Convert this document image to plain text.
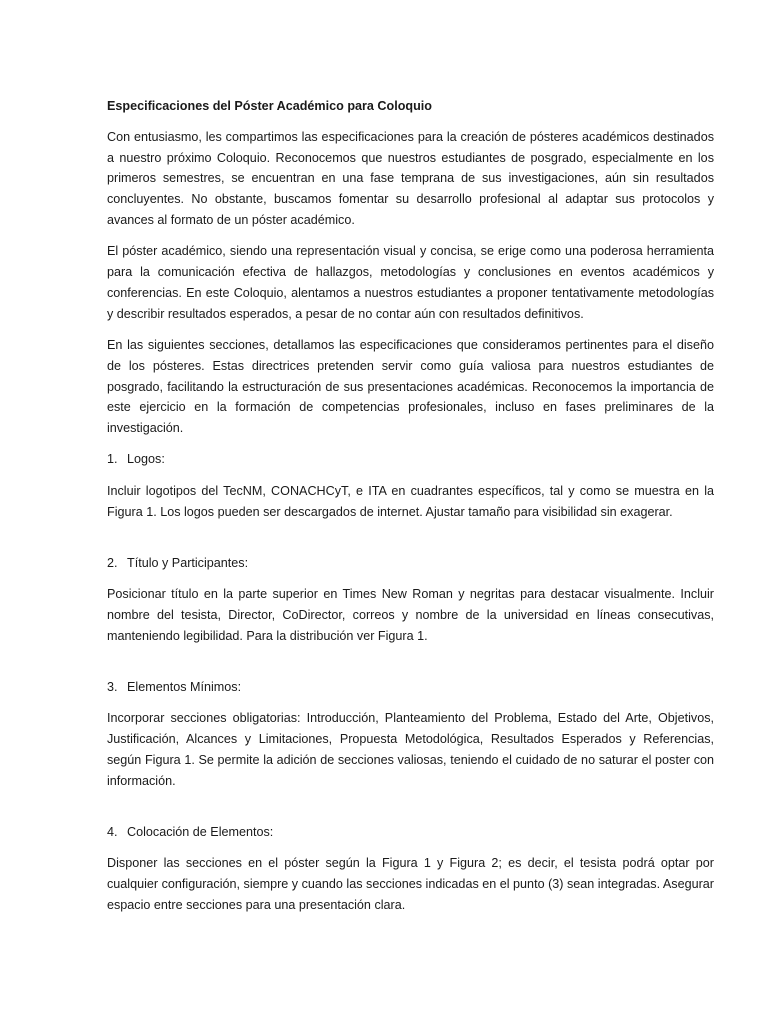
Especificaciones del Póster Académico para Coloquio

Con entusiasmo, les compartimos las especificaciones para la creación de pósteres académicos destinados a nuestro próximo Coloquio. Reconocemos que nuestros estudiantes de posgrado, especialmente en los primeros semestres, se encuentran en una fase temprana de sus investigaciones, aún sin resultados concluyentes. No obstante, buscamos fomentar su desarrollo profesional al adaptar sus protocolos y avances al formato de un póster académico.

El póster académico, siendo una representación visual y concisa, se erige como una poderosa herramienta para la comunicación efectiva de hallazgos, metodologías y conclusiones en eventos académicos y conferencias. En este Coloquio, alentamos a nuestros estudiantes a proponer tentativamente metodologías y describir resultados esperados, a pesar de no contar aún con resultados definitivos.

En las siguientes secciones, detallamos las especificaciones que consideramos pertinentes para el diseño de los pósteres. Estas directrices pretenden servir como guía valiosa para nuestros estudiantes de posgrado, facilitando la estructuración de sus presentaciones académicas. Reconocemos la importancia de este ejercicio en la formación de competencias profesionales, incluso en fases preliminares de la investigación.

1. Logos:

Incluir logotipos del TecNM, CONACHCyT, e ITA en cuadrantes específicos, tal y como se muestra en la Figura 1. Los logos pueden ser descargados de internet. Ajustar tamaño para visibilidad sin exagerar.

2. Título y Participantes:

Posicionar título en la parte superior en Times New Roman y negritas para destacar visualmente. Incluir nombre del tesista, Director, CoDirector, correos y nombre de la universidad en líneas consecutivas, manteniendo legibilidad. Para la distribución ver Figura 1.

3. Elementos Mínimos:

Incorporar secciones obligatorias: Introducción, Planteamiento del Problema, Estado del Arte, Objetivos, Justificación, Alcances y Limitaciones, Propuesta Metodológica, Resultados Esperados y Referencias, según Figura 1. Se permite la adición de secciones valiosas, teniendo el cuidado de no saturar el poster con información.

4. Colocación de Elementos:

Disponer las secciones en el póster según la Figura 1 y Figura 2; es decir, el tesista podrá optar por cualquier configuración, siempre y cuando las secciones indicadas en el punto (3) sean integradas. Asegurar espacio entre secciones para una presentación clara.
